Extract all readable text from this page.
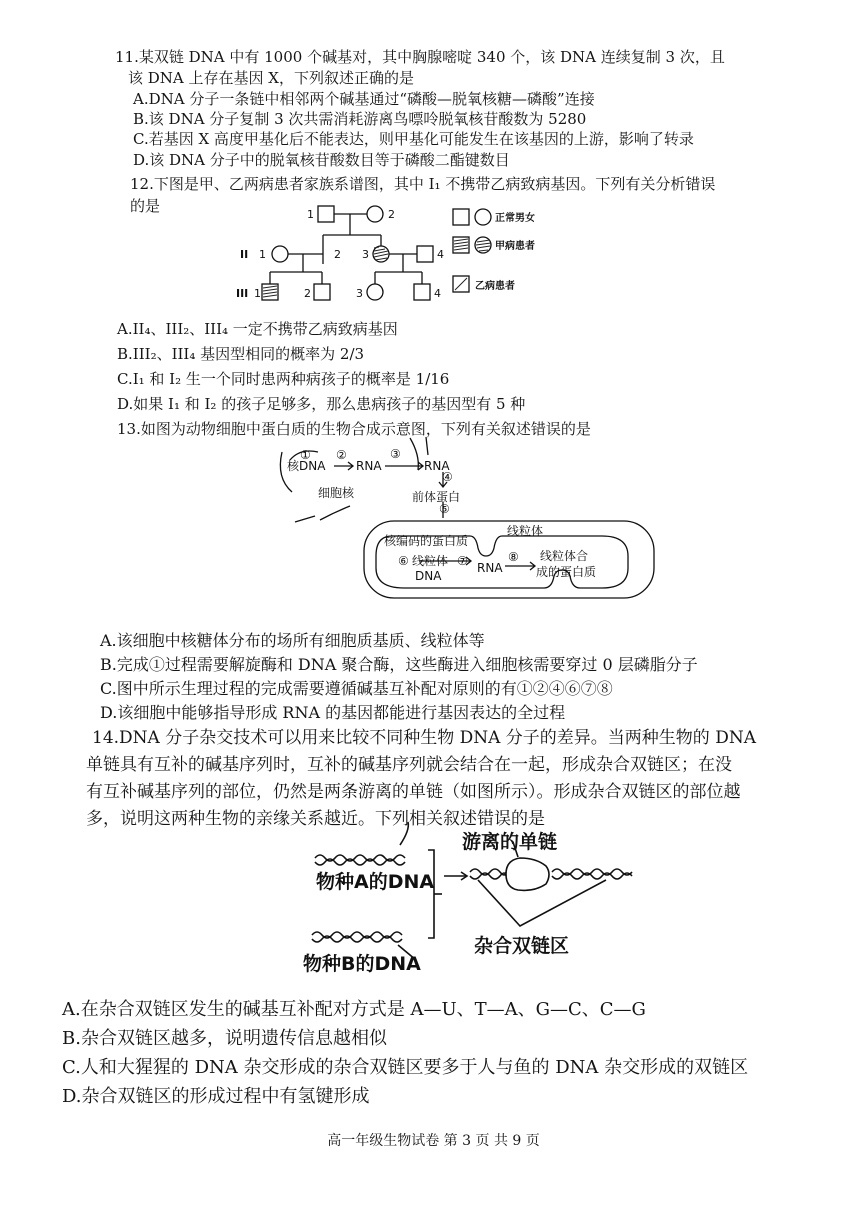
11.某双链 DNA 中有 1000 个碱基对，其中胸腺嘧啶 340 个，该 DNA 连续复制 3 次，且
该 DNA 上存在基因 X，下列叙述正确的是
A.DNA 分子一条链中相邻两个碱基通过“磷酸—脱氧核糖—磷酸”连接
B.该 DNA 分子复制 3 次共需消耗游离鸟嘌呤脱氧核苷酸数为 5280
C.若基因 X 高度甲基化后不能表达，则甲基化可能发生在该基因的上游，影响了转录
D.该 DNA 分子中的脱氧核苷酸数目等于磷酸二酯键数目
12.下图是甲、乙两病患者家族系谱图，其中 I₁ 不携带乙病致病基因。下列有关分析错误
的是	1	2
II 1	2 3	4
III 1	2	3	4
正常男女
甲病患者
乙病患者
A.II₄、III₂、III₄ 一定不携带乙病致病基因
B.III₂、III₄ 基因型相同的概率为 2/3
C.I₁ 和 I₂ 生一个同时患两种病孩子的概率是 1/16
D.如果 I₁ 和 I₂ 的孩子足够多，那么患病孩子的基因型有 5 种
13.如图为动物细胞中蛋白质的生物合成示意图，下列有关叙述错误的是
① ②	③
④
⑤
⑥	⑦	⑧
核DNA	RNA	RNA
细胞核	前体蛋白
核编码的蛋白质
线粒体
线粒体
DNA
RNA
线粒体合
成的蛋白质
A.该细胞中核糖体分布的场所有细胞质基质、线粒体等
B.完成①过程需要解旋酶和 DNA 聚合酶，这些酶进入细胞核需要穿过 0 层磷脂分子
C.图中所示生理过程的完成需要遵循碱基互补配对原则的有①②④⑥⑦⑧
D.该细胞中能够指导形成 RNA 的基因都能进行基因表达的全过程
14.DNA 分子杂交技术可以用来比较不同种生物 DNA 分子的差异。当两种生物的 DNA
单链具有互补的碱基序列时，互补的碱基序列就会结合在一起，形成杂合双链区；在没
有互补碱基序列的部位，仍然是两条游离的单链（如图所示）。形成杂合双链区的部位越
多，说明这两种生物的亲缘关系越近。下列相关叙述错误的是
游离的单链
物种A的DNA
杂合双链区
物种B的DNA
A.在杂合双链区发生的碱基互补配对方式是 A—U、T—A、G—C、C—G
B.杂合双链区越多，说明遗传信息越相似
C.人和大猩猩的 DNA 杂交形成的杂合双链区要多于人与鱼的 DNA 杂交形成的双链区
D.杂合双链区的形成过程中有氢键形成
高一年级生物试卷 第 3 页 共 9 页
